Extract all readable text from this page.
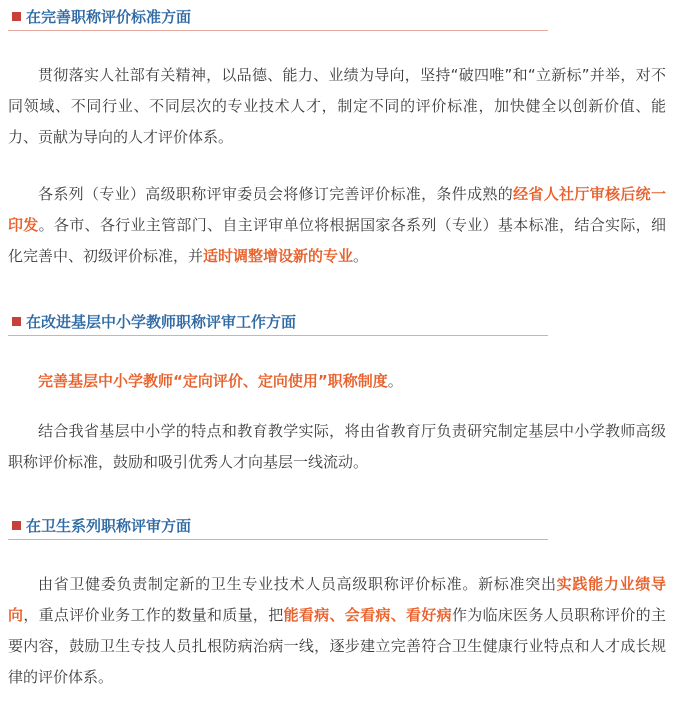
在完善职称评价标准方面

贯彻落实人社部有关精神，以品德、能力、业绩为导向，坚持“破四唯”和“立新标”并举，对不同领域、不同行业、不同层次的专业技术人才，制定不同的评价标准，加快健全以创新价值、能力、贡献为导向的人才评价体系。

各系列（专业）高级职称评审委员会将修订完善评价标准，条件成熟的经省人社厅审核后统一印发。各市、各行业主管部门、自主评审单位将根据国家各系列（专业）基本标准，结合实际，细化完善中、初级评价标准，并适时调整增设新的专业。

在改进基层中小学教师职称评审工作方面

完善基层中小学教师“定向评价、定向使用”职称制度。

结合我省基层中小学的特点和教育教学实际，将由省教育厅负责研究制定基层中小学教师高级职称评价标准，鼓励和吸引优秀人才向基层一线流动。

在卫生系列职称评审方面

由省卫健委负责制定新的卫生专业技术人员高级职称评价标准。新标准突出实践能力业绩导向，重点评价业务工作的数量和质量，把能看病、会看病、看好病作为临床医务人员职称评价的主要内容，鼓励卫生专技人员扎根防病治病一线，逐步建立完善符合卫生健康行业特点和人才成长规律的评价体系。
